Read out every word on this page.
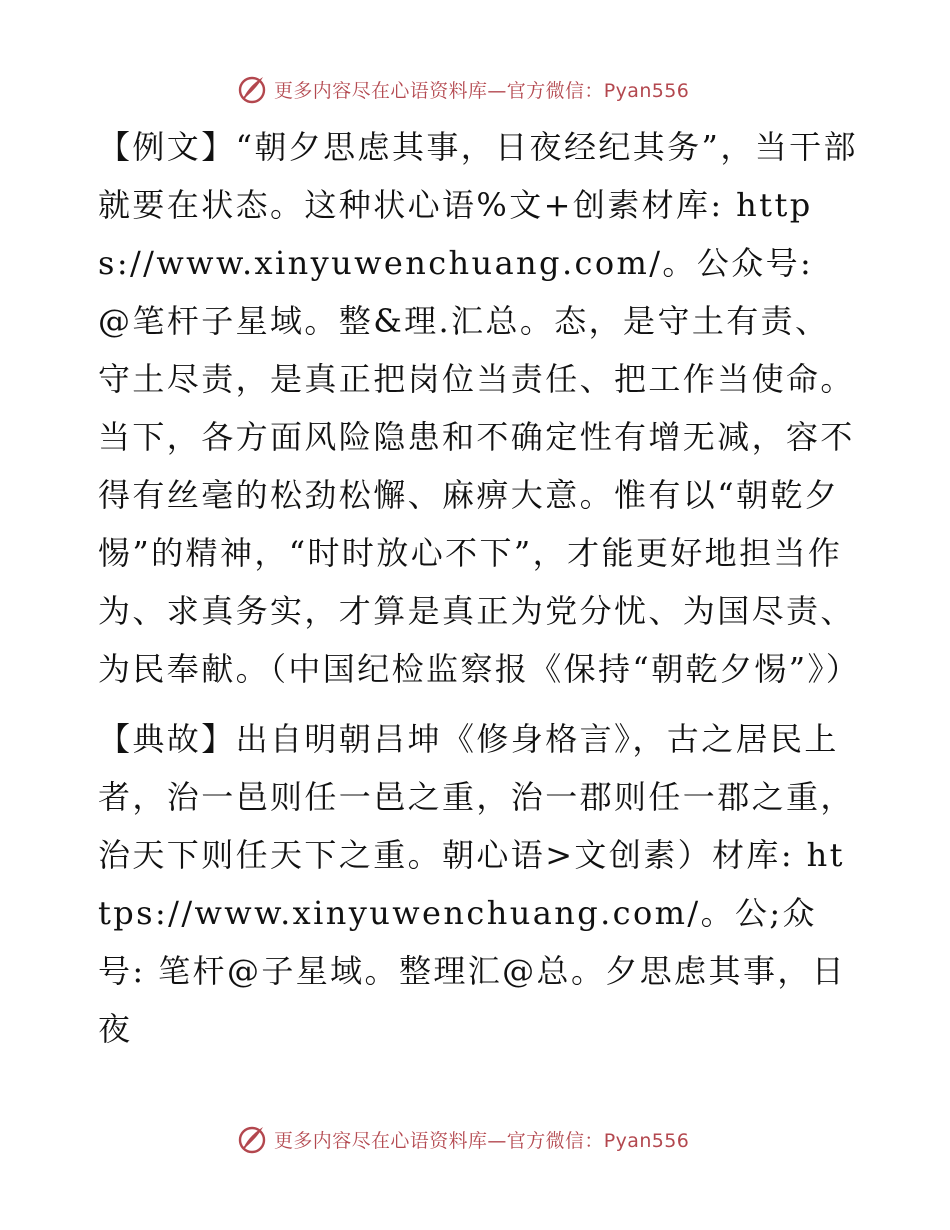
更多内容尽在心语资料库—官方微信：Pyan556

【例文】“朝夕思虑其事，日夜经纪其务”，当干部就要在状态。这种状心语%文+创素材库: https://www.xinyuwenchuang.com/。公众号: @笔杆子星域。整&理.汇总。态，是守土有责、守土尽责，是真正把岗位当责任、把工作当使命。当下，各方面风险隐患和不确定性有增无减，容不得有丝毫的松劲松懈、麻痹大意。惟有以“朝乾夕惕”的精神，“时时放心不下”，才能更好地担当作为、求真务实，才算是真正为党分忧、为国尽责、为民奉献。（中国纪检监察报《保持“朝乾夕惕”》）

【典故】出自明朝吕坤《修身格言》，古之居民上者，治一邑则任一邑之重，治一郡则任一郡之重，治天下则任天下之重。朝心语>文创素）材库: https://www.xinyuwenchuang.com/。公;众号: 笔杆@子星域。整理汇@总。夕思虑其事，日夜

更多内容尽在心语资料库—官方微信：Pyan556
